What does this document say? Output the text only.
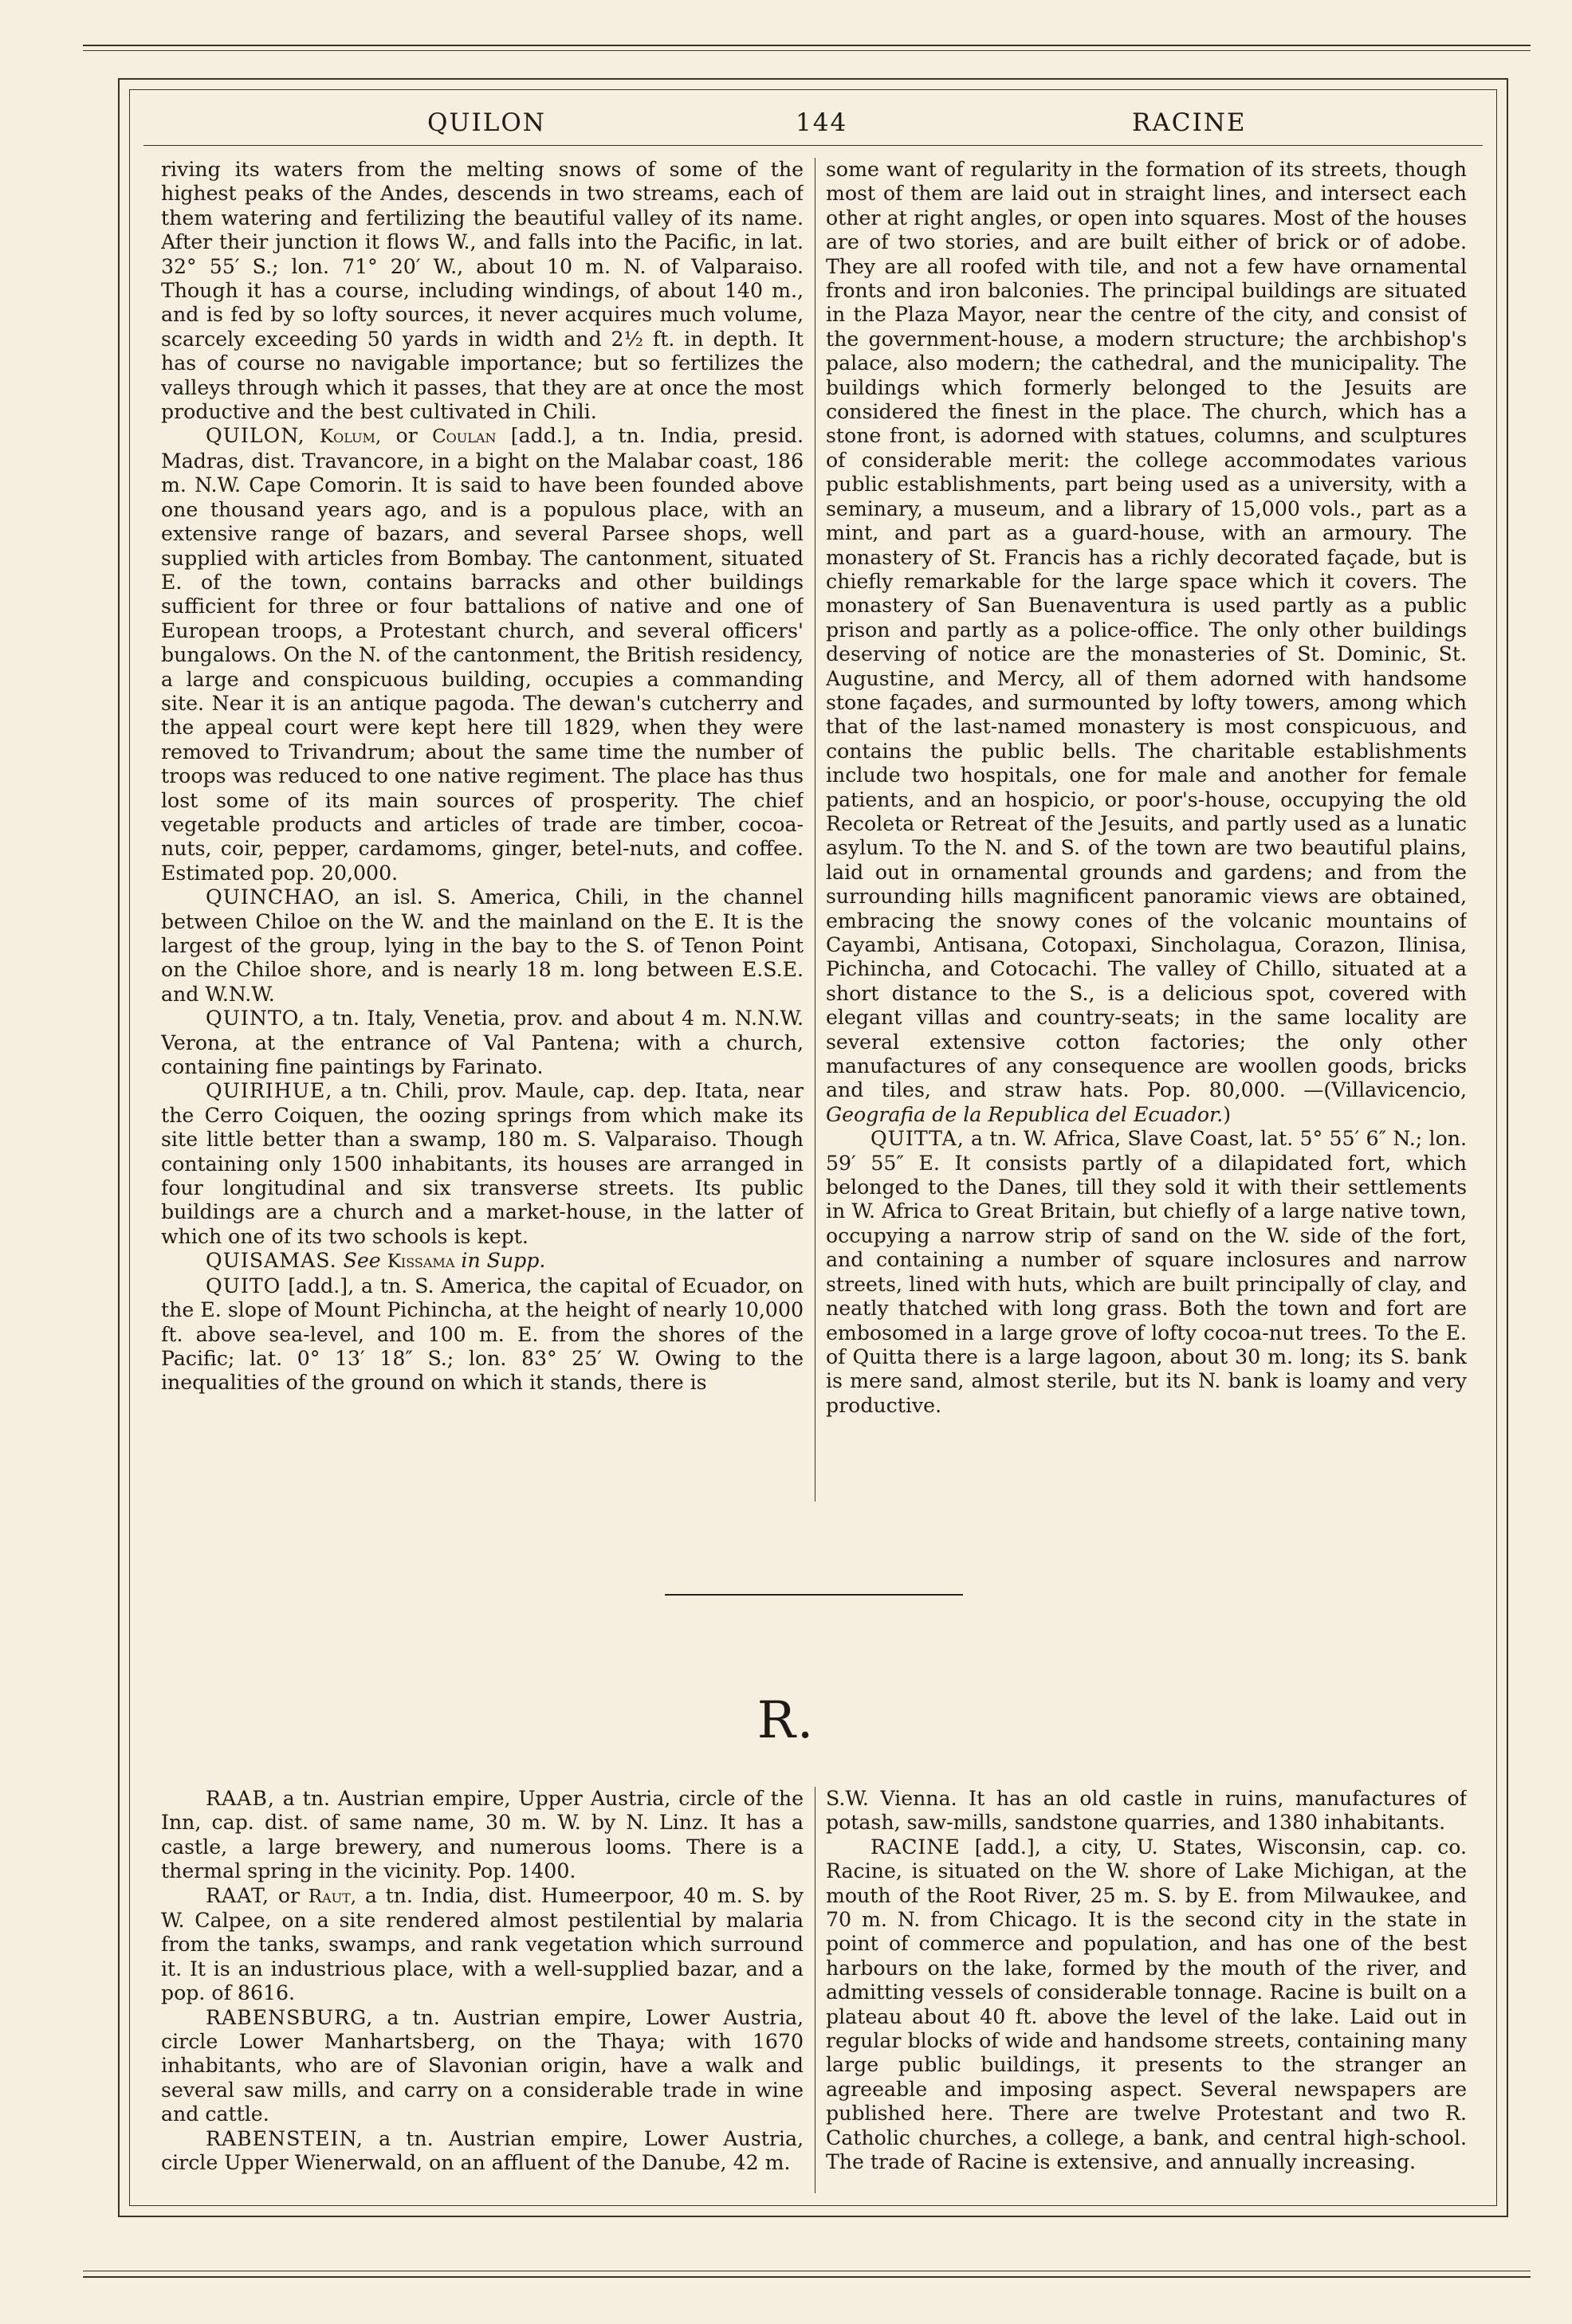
QUILON	144	RACINE

riving its waters from the melting snows of some of the highest peaks of the Andes, descends in two streams, each of them watering and fertilizing the beautiful valley of its name. After their junction it flows W., and falls into the Pacific, in lat. 32° 55′ S.; lon. 71° 20′ W., about 10 m. N. of Valparaiso. Though it has a course, including windings, of about 140 m., and is fed by so lofty sources, it never acquires much volume, scarcely exceeding 50 yards in width and 2½ ft. in depth. It has of course no navigable importance; but so fertilizes the valleys through which it passes, that they are at once the most productive and the best cultivated in Chili.

QUILON, Kolum, or Coulan [add.], a tn. India, presid. Madras, dist. Travancore, in a bight on the Malabar coast, 186 m. N.W. Cape Comorin. It is said to have been founded above one thousand years ago, and is a populous place, with an extensive range of bazars, and several Parsee shops, well supplied with articles from Bombay. The cantonment, situated E. of the town, contains barracks and other buildings sufficient for three or four battalions of native and one of European troops, a Protestant church, and several officers' bungalows. On the N. of the cantonment, the British residency, a large and conspicuous building, occupies a commanding site. Near it is an antique pagoda. The dewan's cutcherry and the appeal court were kept here till 1829, when they were removed to Trivandrum; about the same time the number of troops was reduced to one native regiment. The place has thus lost some of its main sources of prosperity. The chief vegetable products and articles of trade are timber, cocoa-nuts, coir, pepper, cardamoms, ginger, betel-nuts, and coffee. Estimated pop. 20,000.

QUINCHAO, an isl. S. America, Chili, in the channel between Chiloe on the W. and the mainland on the E. It is the largest of the group, lying in the bay to the S. of Tenon Point on the Chiloe shore, and is nearly 18 m. long between E.S.E. and W.N.W.

QUINTO, a tn. Italy, Venetia, prov. and about 4 m. N.N.W. Verona, at the entrance of Val Pantena; with a church, containing fine paintings by Farinato.

QUIRIHUE, a tn. Chili, prov. Maule, cap. dep. Itata, near the Cerro Coiquen, the oozing springs from which make its site little better than a swamp, 180 m. S. Valparaiso. Though containing only 1500 inhabitants, its houses are arranged in four longitudinal and six transverse streets. Its public buildings are a church and a market-house, in the latter of which one of its two schools is kept.

QUISAMAS. See Kissama in Supp.

QUITO [add.], a tn. S. America, the capital of Ecuador, on the E. slope of Mount Pichincha, at the height of nearly 10,000 ft. above sea-level, and 100 m. E. from the shores of the Pacific; lat. 0° 13′ 18″ S.; lon. 83° 25′ W. Owing to the inequalities of the ground on which it stands, there is

some want of regularity in the formation of its streets, though most of them are laid out in straight lines, and intersect each other at right angles, or open into squares. Most of the houses are of two stories, and are built either of brick or of adobe. They are all roofed with tile, and not a few have ornamental fronts and iron balconies. The principal buildings are situated in the Plaza Mayor, near the centre of the city, and consist of the government-house, a modern structure; the archbishop's palace, also modern; the cathedral, and the municipality. The buildings which formerly belonged to the Jesuits are considered the finest in the place. The church, which has a stone front, is adorned with statues, columns, and sculptures of considerable merit: the college accommodates various public establishments, part being used as a university, with a seminary, a museum, and a library of 15,000 vols., part as a mint, and part as a guard-house, with an armoury. The monastery of St. Francis has a richly decorated façade, but is chiefly remarkable for the large space which it covers. The monastery of San Buenaventura is used partly as a public prison and partly as a police-office. The only other buildings deserving of notice are the monasteries of St. Dominic, St. Augustine, and Mercy, all of them adorned with handsome stone façades, and surmounted by lofty towers, among which that of the last-named monastery is most conspicuous, and contains the public bells. The charitable establishments include two hospitals, one for male and another for female patients, and an hospicio, or poor's-house, occupying the old Recoleta or Retreat of the Jesuits, and partly used as a lunatic asylum. To the N. and S. of the town are two beautiful plains, laid out in ornamental grounds and gardens; and from the surrounding hills magnificent panoramic views are obtained, embracing the snowy cones of the volcanic mountains of Cayambi, Antisana, Cotopaxi, Sincholagua, Corazon, Ilinisa, Pichincha, and Cotocachi. The valley of Chillo, situated at a short distance to the S., is a delicious spot, covered with elegant villas and country-seats; in the same locality are several extensive cotton factories; the only other manufactures of any consequence are woollen goods, bricks and tiles, and straw hats. Pop. 80,000. —(Villavicencio, Geografia de la Republica del Ecuador.)

QUITTA, a tn. W. Africa, Slave Coast, lat. 5° 55′ 6″ N.; lon. 59′ 55″ E. It consists partly of a dilapidated fort, which belonged to the Danes, till they sold it with their settlements in W. Africa to Great Britain, but chiefly of a large native town, occupying a narrow strip of sand on the W. side of the fort, and containing a number of square inclosures and narrow streets, lined with huts, which are built principally of clay, and neatly thatched with long grass. Both the town and fort are embosomed in a large grove of lofty cocoa-nut trees. To the E. of Quitta there is a large lagoon, about 30 m. long; its S. bank is mere sand, almost sterile, but its N. bank is loamy and very productive.

R.

RAAB, a tn. Austrian empire, Upper Austria, circle of the Inn, cap. dist. of same name, 30 m. W. by N. Linz. It has a castle, a large brewery, and numerous looms. There is a thermal spring in the vicinity. Pop. 1400.

RAAT, or Raut, a tn. India, dist. Humeerpoor, 40 m. S. by W. Calpee, on a site rendered almost pestilential by malaria from the tanks, swamps, and rank vegetation which surround it. It is an industrious place, with a well-supplied bazar, and a pop. of 8616.

RABENSBURG, a tn. Austrian empire, Lower Austria, circle Lower Manhartsberg, on the Thaya; with 1670 inhabitants, who are of Slavonian origin, have a walk and several saw mills, and carry on a considerable trade in wine and cattle.

RABENSTEIN, a tn. Austrian empire, Lower Austria, circle Upper Wienerwald, on an affluent of the Danube, 42 m.

S.W. Vienna. It has an old castle in ruins, manufactures of potash, saw-mills, sandstone quarries, and 1380 inhabitants.

RACINE [add.], a city, U. States, Wisconsin, cap. co. Racine, is situated on the W. shore of Lake Michigan, at the mouth of the Root River, 25 m. S. by E. from Milwaukee, and 70 m. N. from Chicago. It is the second city in the state in point of commerce and population, and has one of the best harbours on the lake, formed by the mouth of the river, and admitting vessels of considerable tonnage. Racine is built on a plateau about 40 ft. above the level of the lake. Laid out in regular blocks of wide and handsome streets, containing many large public buildings, it presents to the stranger an agreeable and imposing aspect. Several newspapers are published here. There are twelve Protestant and two R. Catholic churches, a college, a bank, and central high-school. The trade of Racine is extensive, and annually increasing.
